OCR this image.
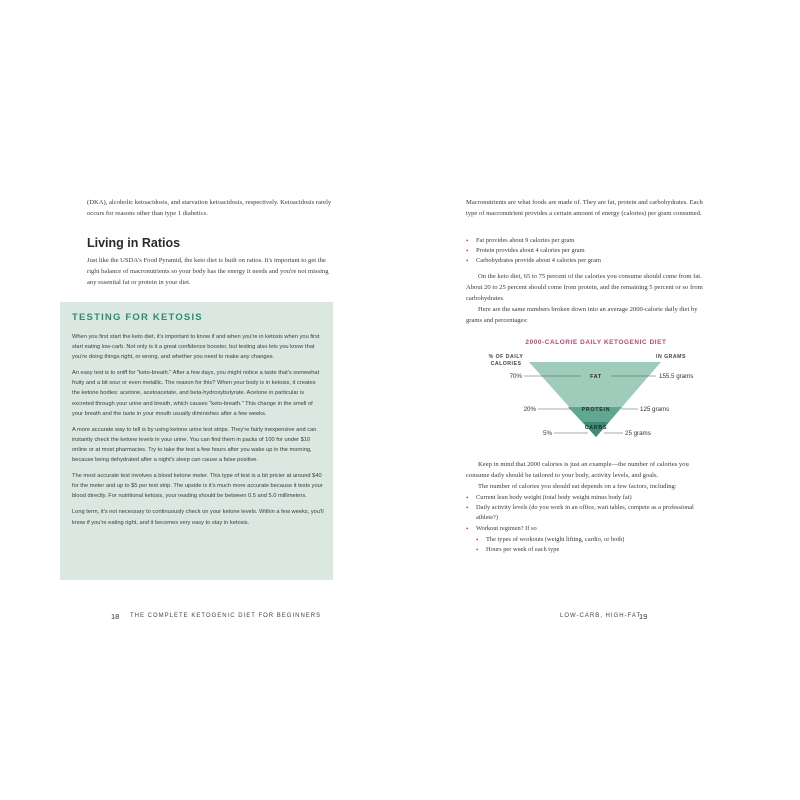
(DKA), alcoholic ketoacidosis, and starvation ketoacidosis, respectively. Ketoacidosis rarely occurs for reasons other than type 1 diabetics.
Living in Ratios
Just like the USDA's Food Pyramid, the keto diet is built on ratios. It's important to get the right balance of macronutrients so your body has the energy it needs and you're not missing any essential fat or protein in your diet.
TESTING FOR KETOSIS

When you first start the keto diet, it's important to know if and when you're in ketosis when you first start eating low-carb. Not only is it a great confidence booster, but testing also lets you know that you're doing things right, or wrong, and whether you need to make any changes.

An easy test is to sniff for "keto-breath." After a few days, you might notice a taste that's somewhat fruity and a bit sour or even metallic. The reason for this? When your body is in ketosis, it creates the ketone bodies: acetone, acetoacetate, and beta-hydroxybutyrate. Acetone in particular is excreted through your urine and breath, which causes "keto-breath." This change in the smell of your breath and the taste in your mouth usually diminishes after a few weeks.

A more accurate way to tell is by using ketone urine test strips. They're fairly inexpensive and can instantly check the ketone levels in your urine. You can find them in packs of 100 for under $10 online or at most pharmacies. Try to take the test a few hours after you wake up in the morning, because being dehydrated after a night's sleep can cause a false positive.

The most accurate test involves a blood ketone meter. This type of test is a bit pricier at around $40 for the meter and up to $5 per test strip. The upside is it's much more accurate because it tests your blood directly. For nutritional ketosis, your reading should be between 0.5 and 5.0 millimeters.

Long term, it's not necessary to continuously check on your ketone levels. Within a few weeks, you'll know if you're eating right, and it becomes very easy to stay in ketosis.

18 THE COMPLETE KETOGENIC DIET FOR BEGINNERS
Macronutrients are what foods are made of. They are fat, protein and carbohydrates. Each type of macronutrient provides a certain amount of energy (calories) per gram consumed.
• Fat provides about 9 calories per gram
• Protein provides about 4 calories per gram
• Carbohydrates provide about 4 calories per gram
On the keto diet, 65 to 75 percent of the calories you consume should come from fat. About 20 to 25 percent should come from protein, and the remaining 5 percent or so from carbohydrates.
Here are the same numbers broken down into an average 2000-calorie daily diet by grams and percentages:
2000-CALORIE DAILY KETOGENIC DIET
% OF DAILY CALORIES
IN GRAMS
FAT
PROTEIN
CARBS
70%
20%
5%
155.5 grams
125 grams
25 grams
Keep in mind that 2000 calories is just an example—the number of calories you consume daily should be tailored to your body, activity levels, and goals.
The number of calories you should eat depends on a few factors, including:
• Current lean body weight (total body weight minus body fat)
• Daily activity levels (do you work in an office, wait tables, compete as a professional athlete?)
• Workout regimen? If so
• The types of workouts (weight lifting, cardio, or both)
• Hours per week of each type
LOW-CARB, HIGH-FAT
19
